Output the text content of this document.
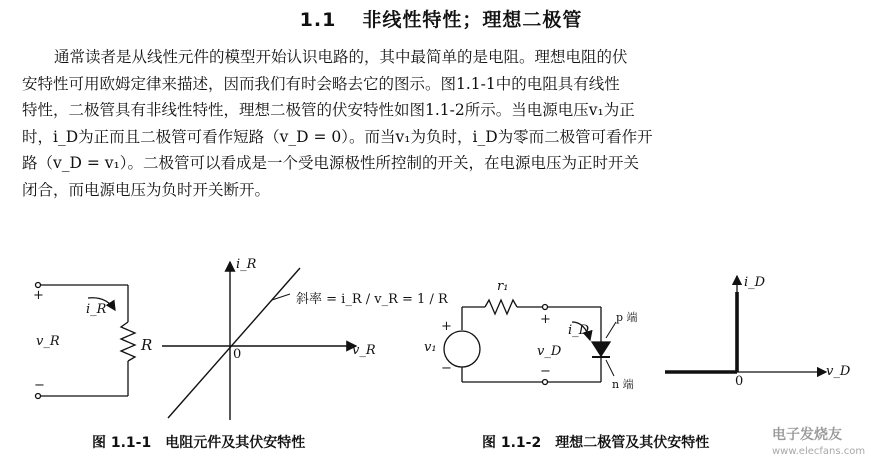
1.1 非线性特性；理想二极管
通常读者是从线性元件的模型开始认识电路的，其中最简单的是电阻。理想电阻的伏
安特性可用欧姆定律来描述，因而我们有时会略去它的图示。图1.1-1中的电阻具有线性
特性，二极管具有非线性特性，理想二极管的伏安特性如图1.1-2所示。当电源电压v₁为正
时，i_D为正而且二极管可看作短路（v_D = 0）。而当v₁为负时，i_D为零而二极管可看作开
路（v_D = v₁）。二极管可以看成是一个受电源极性所控制的开关，在电源电压为正时开关
闭合，而电源电压为负时开关断开。
+
−
i_R
v_R	R
i_R
v_R
0
斜率 = i_R / v_R = 1 / R
r₁
v₁
+
−
+
−
i_D
v_D
p 端
n 端
i_D
v_D
0
图 1.1-1　电阻元件及其伏安特性	图 1.1-2　理想二极管及其伏安特性	电子发烧友
www.elecfans.com
